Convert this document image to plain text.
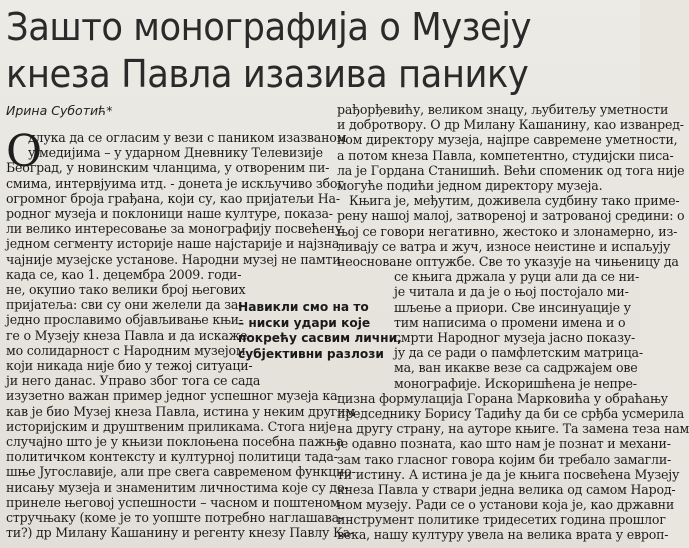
Зашто монографија о Музеју
кнеза Павла изазива панику
Ирина Суботић*
О
длука да се огласим у вези с паником изазваном
у медијима – у ударном Дневнику Телевизије
Београд, у новинским чланцима, у отвореним пи-
смима, интервјуима итд. - донета је искључиво због
огромног броја грађана, који су, као пријатељи На-
родног музеја и поклоници наше културе, показа-
ли велико интересовање за монографију посвећену
једном сегменту историје наше најстарије и најзна-
чајније музејске установе. Народни музеј не памти
када се, као 1. децембра 2009. годи-
не, окупио тако велики број његових
пријатеља: сви су они желели да за-
једно прославимо објављивање књи-
ге о Музеју кнеза Павла и да искаже-
мо солидарност с Народним музејом
који никада није био у тежој ситуаци-
ји него данас. Управо због тога се сада
изузетно важан пример једног успешног музеја ка-
кав је био Музеј кнеза Павла, истина у неким другим
историјским и друштвеним приликама. Стога није
случајно што је у књизи поклоњена посебна пажња
политичком контексту и културној политици тада-
шње Југославије, али пре свега савременом функцио-
нисању музеја и знаменитим личностима које су до-
принеле његовој успешности – часном и поштеном
стручњаку (коме је то уопште потребно наглашава-
ти?) др Милану Кашанину и регенту кнезу Павлу Ка-
Навикли смо на то
– ниски удари које
покрећу сасвим лични,
субјективни разлози
рађорђевићу, великом знацу, љубитељу уметности
и добротвору. О др Милану Кашанину, као изванред-
ном директору музеја, најпре савремене уметности,
а потом кнеза Павла, компетентно, студијски писа-
ла је Гордана Станишић. Већи споменик од тога није
могуће подићи једном директору музеја.
Књига је, међутим, доживела судбину тако приме-
рену нашој малој, затвореној и затрованој средини: о
њој се говори негативно, жестоко и злонамерно, из-
ливају се ватра и жуч, износе неистине и испаљују
неосноване оптужбе. Све то указује на чињеницу да
се књига држала у руци али да се ни-
је читала и да је о њој постојало ми-
шљење а приори. Све инсинуације у
тим написима о промени имена и о
смрти Народног музеја јасно показу-
ју да се ради о памфлетским матрица-
ма, ван икакве везе са садржајем ове
монографије. Искоришћена је непре-
цизна формулација Горана Марковића у обраћању
председнику Борису Тадићу да би се срђба усмерила
на другу страну, на ауторе књиге. Та замена теза нам
је одавно позната, као што нам је познат и механи-
зам тако гласног говора којим би требало замагли-
ти истину. А истина је да је књига посвећена Музеју
кнеза Павла у ствари једна велика од самом Народ-
ном музеју. Ради се о установи која је, као државни
инструмент политике тридесетих година прошлог
века, нашу културу увела на велика врата у европ-
